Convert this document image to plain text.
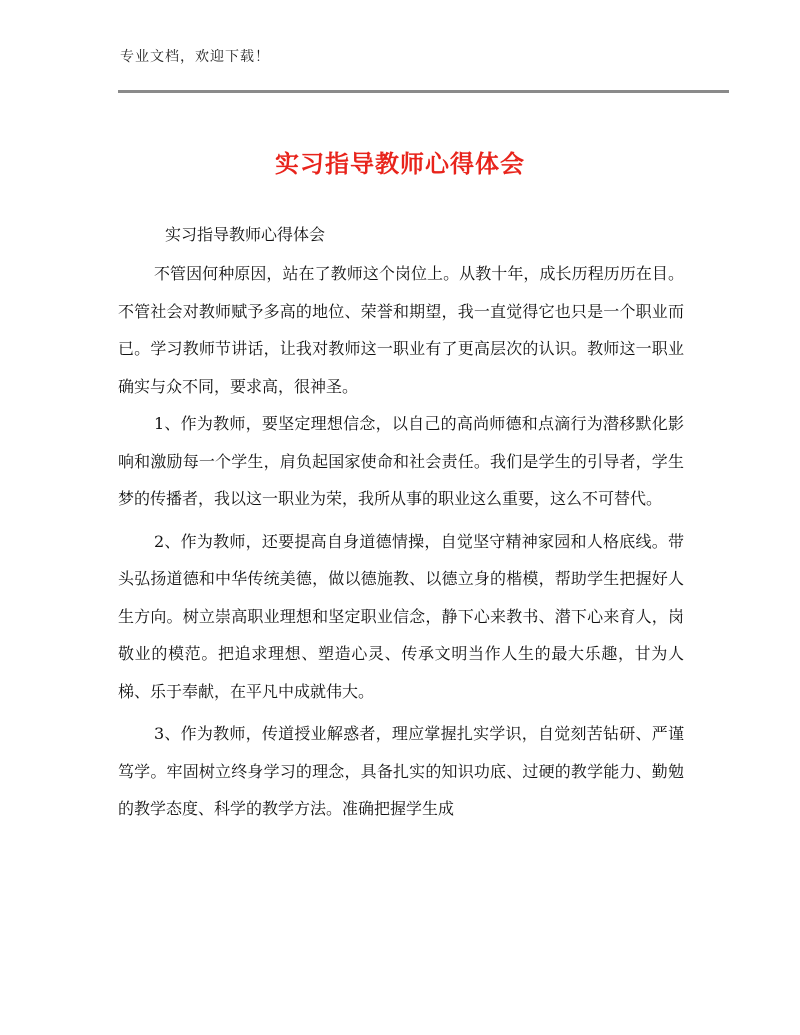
专业文档，欢迎下载！
实习指导教师心得体会
实习指导教师心得体会

不管因何种原因，站在了教师这个岗位上。从教十年，成长历程历历在目。不管社会对教师赋予多高的地位、荣誉和期望，我一直觉得它也只是一个职业而已。学习教师节讲话，让我对教师这一职业有了更高层次的认识。教师这一职业确实与众不同，要求高，很神圣。

1、作为教师，要坚定理想信念，以自己的高尚师德和点滴行为潜移默化影响和激励每一个学生，肩负起国家使命和社会责任。我们是学生的引导者，学生梦的传播者，我以这一职业为荣，我所从事的职业这么重要，这么不可替代。

2、作为教师，还要提高自身道德情操，自觉坚守精神家园和人格底线。带头弘扬道德和中华传统美德，做以德施教、以德立身的楷模，帮助学生把握好人生方向。树立崇高职业理想和坚定职业信念，静下心来教书、潜下心来育人，岗敬业的模范。把追求理想、塑造心灵、传承文明当作人生的最大乐趣，甘为人梯、乐于奉献，在平凡中成就伟大。

3、作为教师，传道授业解惑者，理应掌握扎实学识，自觉刻苦钻研、严谨笃学。牢固树立终身学习的理念，具备扎实的知识功底、过硬的教学能力、勤勉的教学态度、科学的教学方法。准确把握学生成
